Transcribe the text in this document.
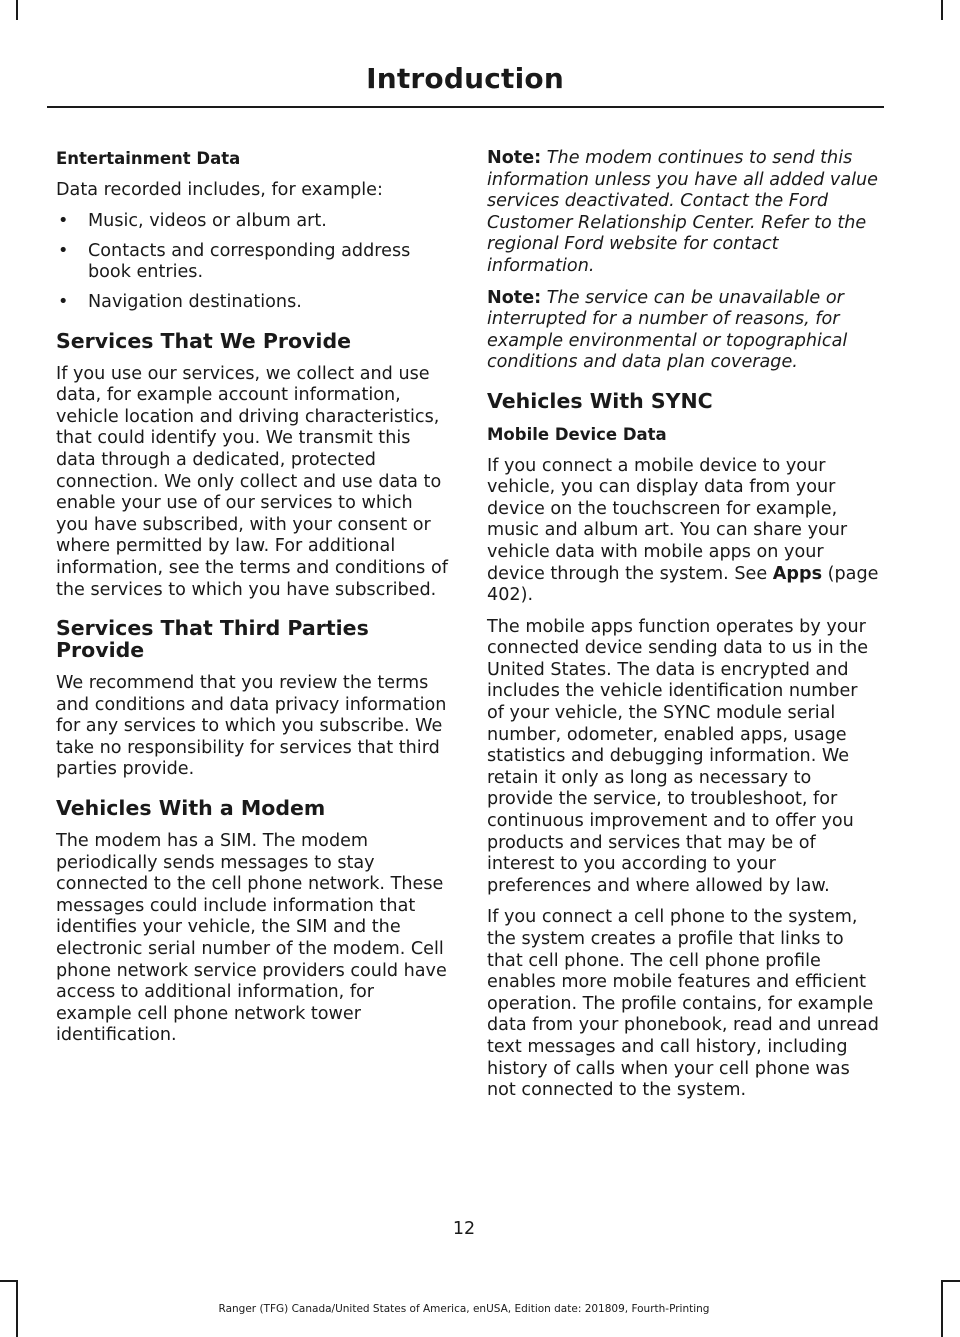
Introduction
Entertainment Data

Data recorded includes, for example:

• Music, videos or album art.
• Contacts and corresponding address book entries.
• Navigation destinations.
Services That We Provide

If you use our services, we collect and use data, for example account information, vehicle location and driving characteristics, that could identify you. We transmit this data through a dedicated, protected connection. We only collect and use data to enable your use of our services to which you have subscribed, with your consent or where permitted by law. For additional information, see the terms and conditions of the services to which you have subscribed.

Services That Third Parties Provide

We recommend that you review the terms and conditions and data privacy information for any services to which you subscribe. We take no responsibility for services that third parties provide.

Vehicles With a Modem

The modem has a SIM. The modem periodically sends messages to stay connected to the cell phone network. These messages could include information that identifies your vehicle, the SIM and the electronic serial number of the modem. Cell phone network service providers could have access to additional information, for example cell phone network tower identification.

Note: The modem continues to send this information unless you have all added value services deactivated. Contact the Ford Customer Relationship Center. Refer to the regional Ford website for contact information.

Note: The service can be unavailable or interrupted for a number of reasons, for example environmental or topographical conditions and data plan coverage.

Vehicles With SYNC
Mobile Device Data

If you connect a mobile device to your vehicle, you can display data from your device on the touchscreen for example, music and album art. You can share your vehicle data with mobile apps on your device through the system. See Apps (page 402).

The mobile apps function operates by your connected device sending data to us in the United States. The data is encrypted and includes the vehicle identification number of your vehicle, the SYNC module serial number, odometer, enabled apps, usage statistics and debugging information. We retain it only as long as necessary to provide the service, to troubleshoot, for continuous improvement and to offer you products and services that may be of interest to you according to your preferences and where allowed by law.

If you connect a cell phone to the system, the system creates a profile that links to that cell phone. The cell phone profile enables more mobile features and efficient operation. The profile contains, for example data from your phonebook, read and unread text messages and call history, including history of calls when your cell phone was not connected to the system.

12
Ranger (TFG) Canada/United States of America, enUSA, Edition date: 201809, Fourth-Printing
